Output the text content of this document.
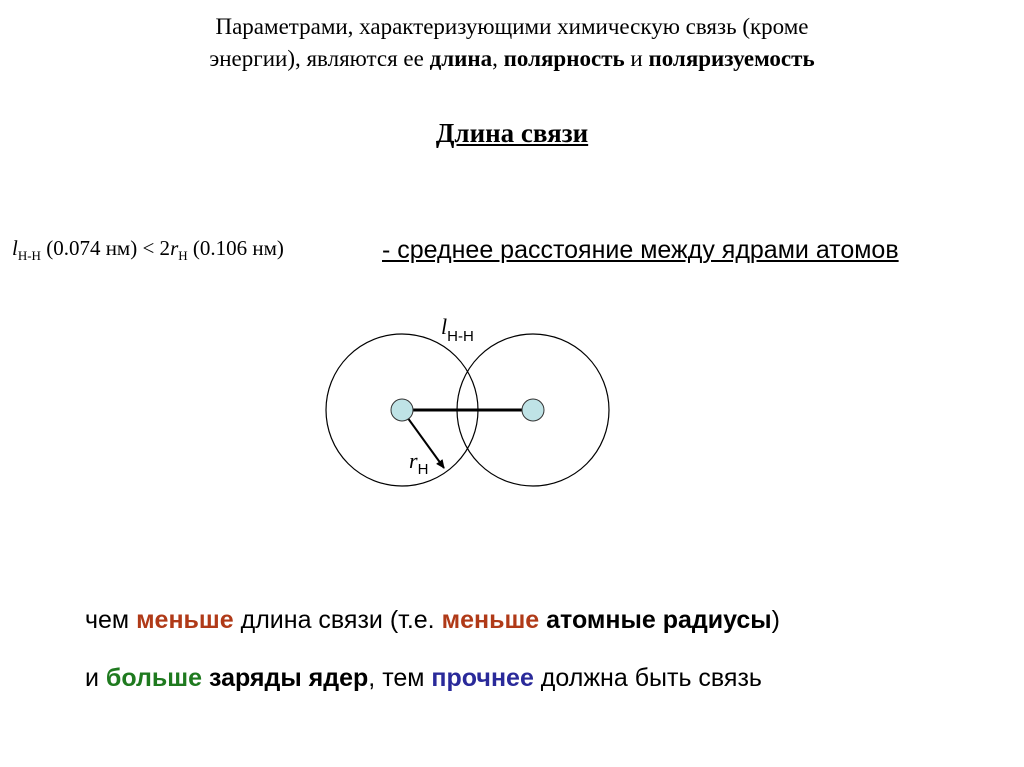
Параметрами, характеризующими химическую связь (кроме
энергии), являются ее длина, полярность и поляризуемость
Длина связи
$l_{H-H}$ (0.074 $нм) < 2r_H$ (0.106 нм)	- среднее расстояние между ядрами атомов
lH-H
rH
чем меньше длина связи (т.е. меньше атомные радиусы)
и больше заряды ядер, тем прочнее должна быть связь
